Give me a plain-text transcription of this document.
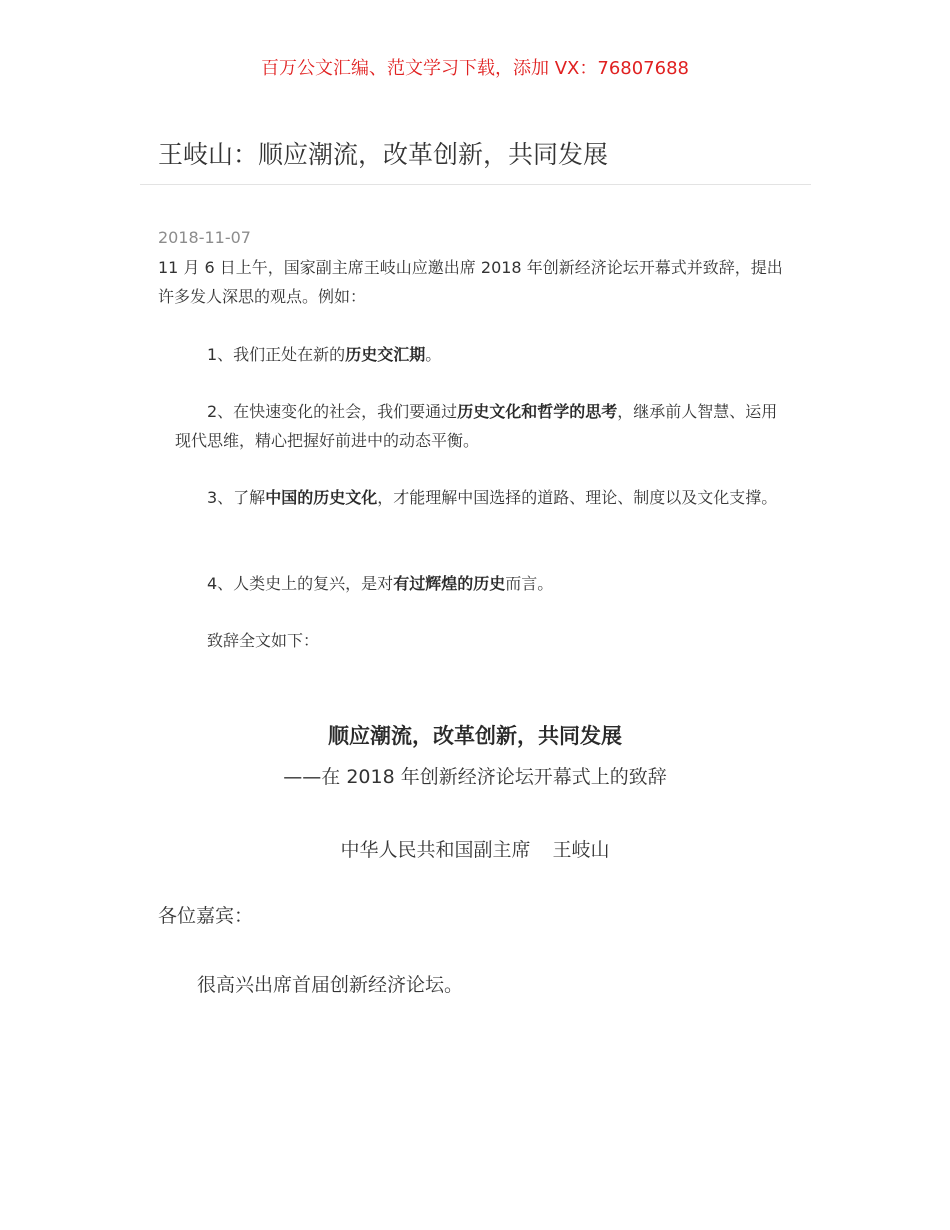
百万公文汇编、范文学习下载，添加 VX：76807688
王岐山：顺应潮流，改革创新，共同发展
2018-11-07

11 月 6 日上午，国家副主席王岐山应邀出席 2018 年创新经济论坛开幕式并致辞，提出许多发人深思的观点。例如：

1、我们正处在新的历史交汇期。

2、在快速变化的社会，我们要通过历史文化和哲学的思考，继承前人智慧、运用现代思维，精心把握好前进中的动态平衡。

3、了解中国的历史文化，才能理解中国选择的道路、理论、制度以及文化支撑。

4、人类史上的复兴，是对有过辉煌的历史而言。

致辞全文如下：

顺应潮流，改革创新，共同发展

——在 2018 年创新经济论坛开幕式上的致辞

中华人民共和国副主席 王岐山

各位嘉宾：

很高兴出席首届创新经济论坛。
